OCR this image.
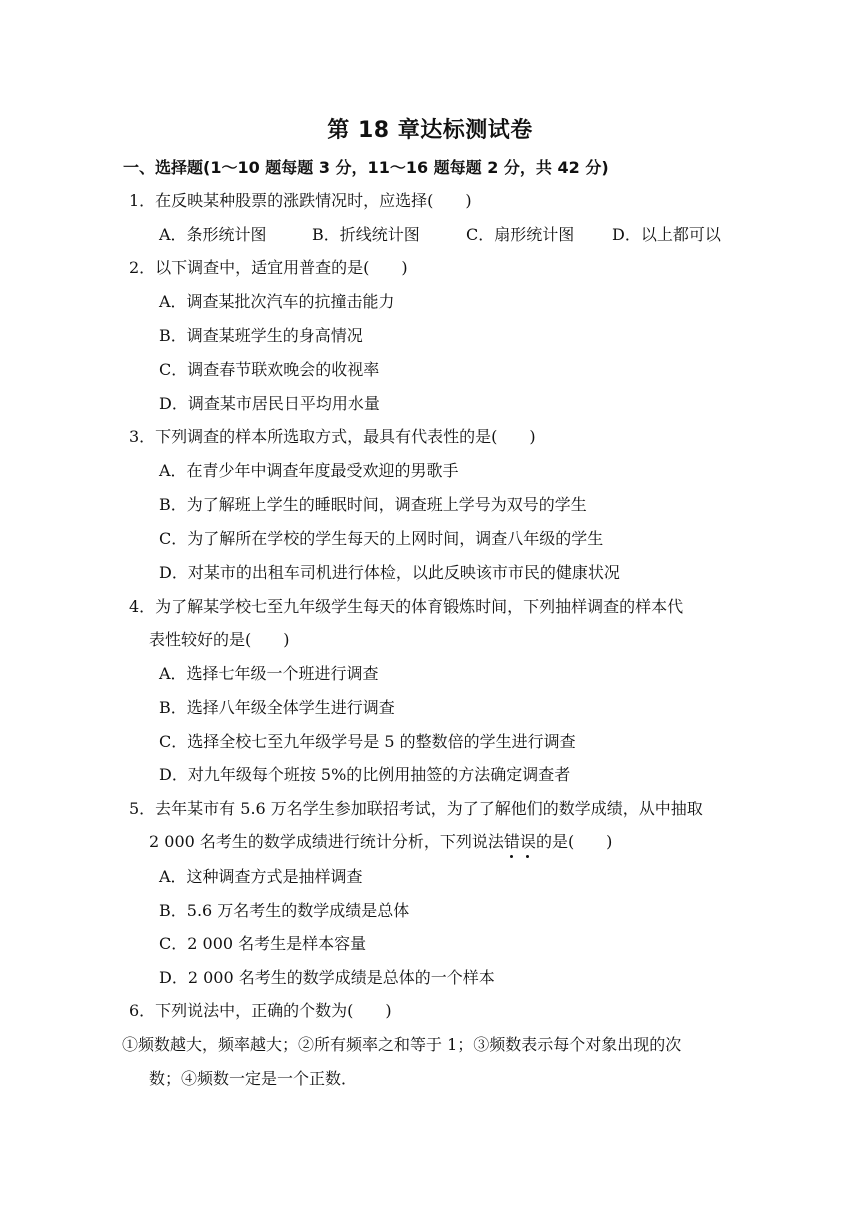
第 18 章达标测试卷
一、选择题(1～10 题每题 3 分，11～16 题每题 2 分，共 42 分)
1．在反映某种股票的涨跌情况时，应选择(　　)
A．条形统计图	B．折线统计图	C．扇形统计图 D．以上都可以
2．以下调查中，适宜用普查的是(　　)
A．调查某批次汽车的抗撞击能力
B．调查某班学生的身高情况
C．调查春节联欢晚会的收视率
D．调查某市居民日平均用水量
3．下列调查的样本所选取方式，最具有代表性的是(　　)
A．在青少年中调查年度最受欢迎的男歌手
B．为了解班上学生的睡眠时间，调查班上学号为双号的学生
C．为了解所在学校的学生每天的上网时间，调查八年级的学生
D．对某市的出租车司机进行体检，以此反映该市市民的健康状况
4．为了解某学校七至九年级学生每天的体育锻炼时间，下列抽样调查的样本代
表性较好的是(　　)
A．选择七年级一个班进行调查
B．选择八年级全体学生进行调查
C．选择全校七至九年级学号是 5 的整数倍的学生进行调查
D．对九年级每个班按 5%的比例用抽签的方法确定调查者
5．去年某市有 5.6 万名学生参加联招考试，为了了解他们的数学成绩，从中抽取
2 000 名考生的数学成绩进行统计分析，下列说法错误的是(　　)
A．这种调查方式是抽样调查
B．5.6 万名考生的数学成绩是总体
C．2 000 名考生是样本容量
D．2 000 名考生的数学成绩是总体的一个样本
6．下列说法中，正确的个数为(　　)
①频数越大，频率越大；②所有频率之和等于 1；③频数表示每个对象出现的次
数；④频数一定是一个正数．
